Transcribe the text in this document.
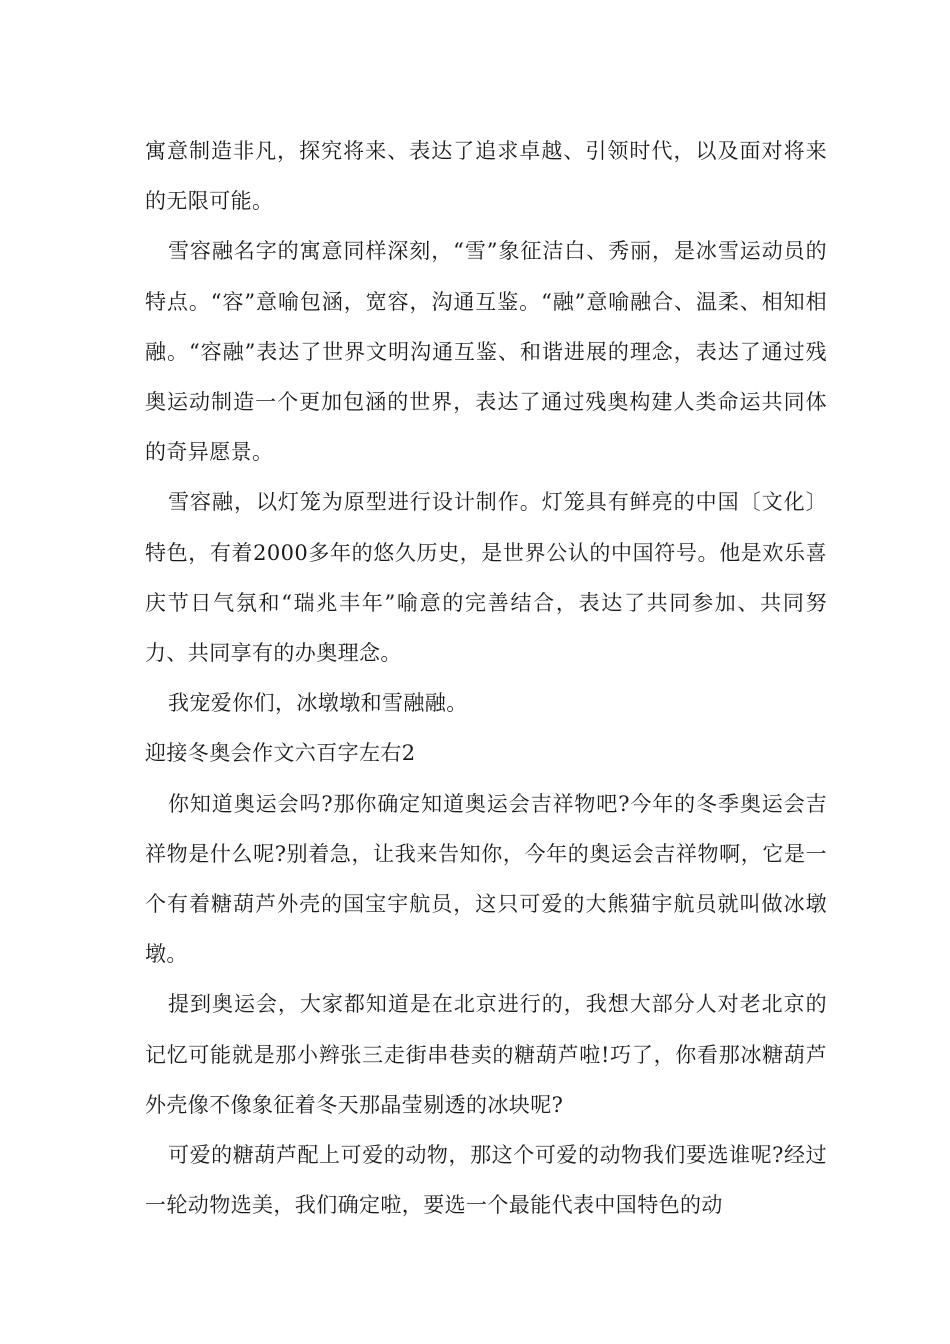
寓意制造非凡，探究将来、表达了追求卓越、引领时代，以及面对将来的无限可能。

雪容融名字的寓意同样深刻，“雪”象征洁白、秀丽，是冰雪运动员的特点。“容”意喻包涵，宽容，沟通互鉴。“融”意喻融合、温柔、相知相融。“容融”表达了世界文明沟通互鉴、和谐进展的理念，表达了通过残奥运动制造一个更加包涵的世界，表达了通过残奥构建人类命运共同体的奇异愿景。

雪容融，以灯笼为原型进行设计制作。灯笼具有鲜亮的中国〔文化〕特色，有着2000多年的悠久历史，是世界公认的中国符号。他是欢乐喜庆节日气氛和“瑞兆丰年”喻意的完善结合，表达了共同参加、共同努力、共同享有的办奥理念。

我宠爱你们，冰墩墩和雪融融。

迎接冬奥会作文六百字左右2

你知道奥运会吗?那你确定知道奥运会吉祥物吧?今年的冬季奥运会吉祥物是什么呢?别着急，让我来告知你，今年的奥运会吉祥物啊，它是一个有着糖葫芦外壳的国宝宇航员，这只可爱的大熊猫宇航员就叫做冰墩墩。

提到奥运会，大家都知道是在北京进行的，我想大部分人对老北京的记忆可能就是那小辫张三走街串巷卖的糖葫芦啦!巧了，你看那冰糖葫芦外壳像不像象征着冬天那晶莹剔透的冰块呢?

可爱的糖葫芦配上可爱的动物，那这个可爱的动物我们要选谁呢?经过一轮动物选美，我们确定啦，要选一个最能代表中国特色的动
